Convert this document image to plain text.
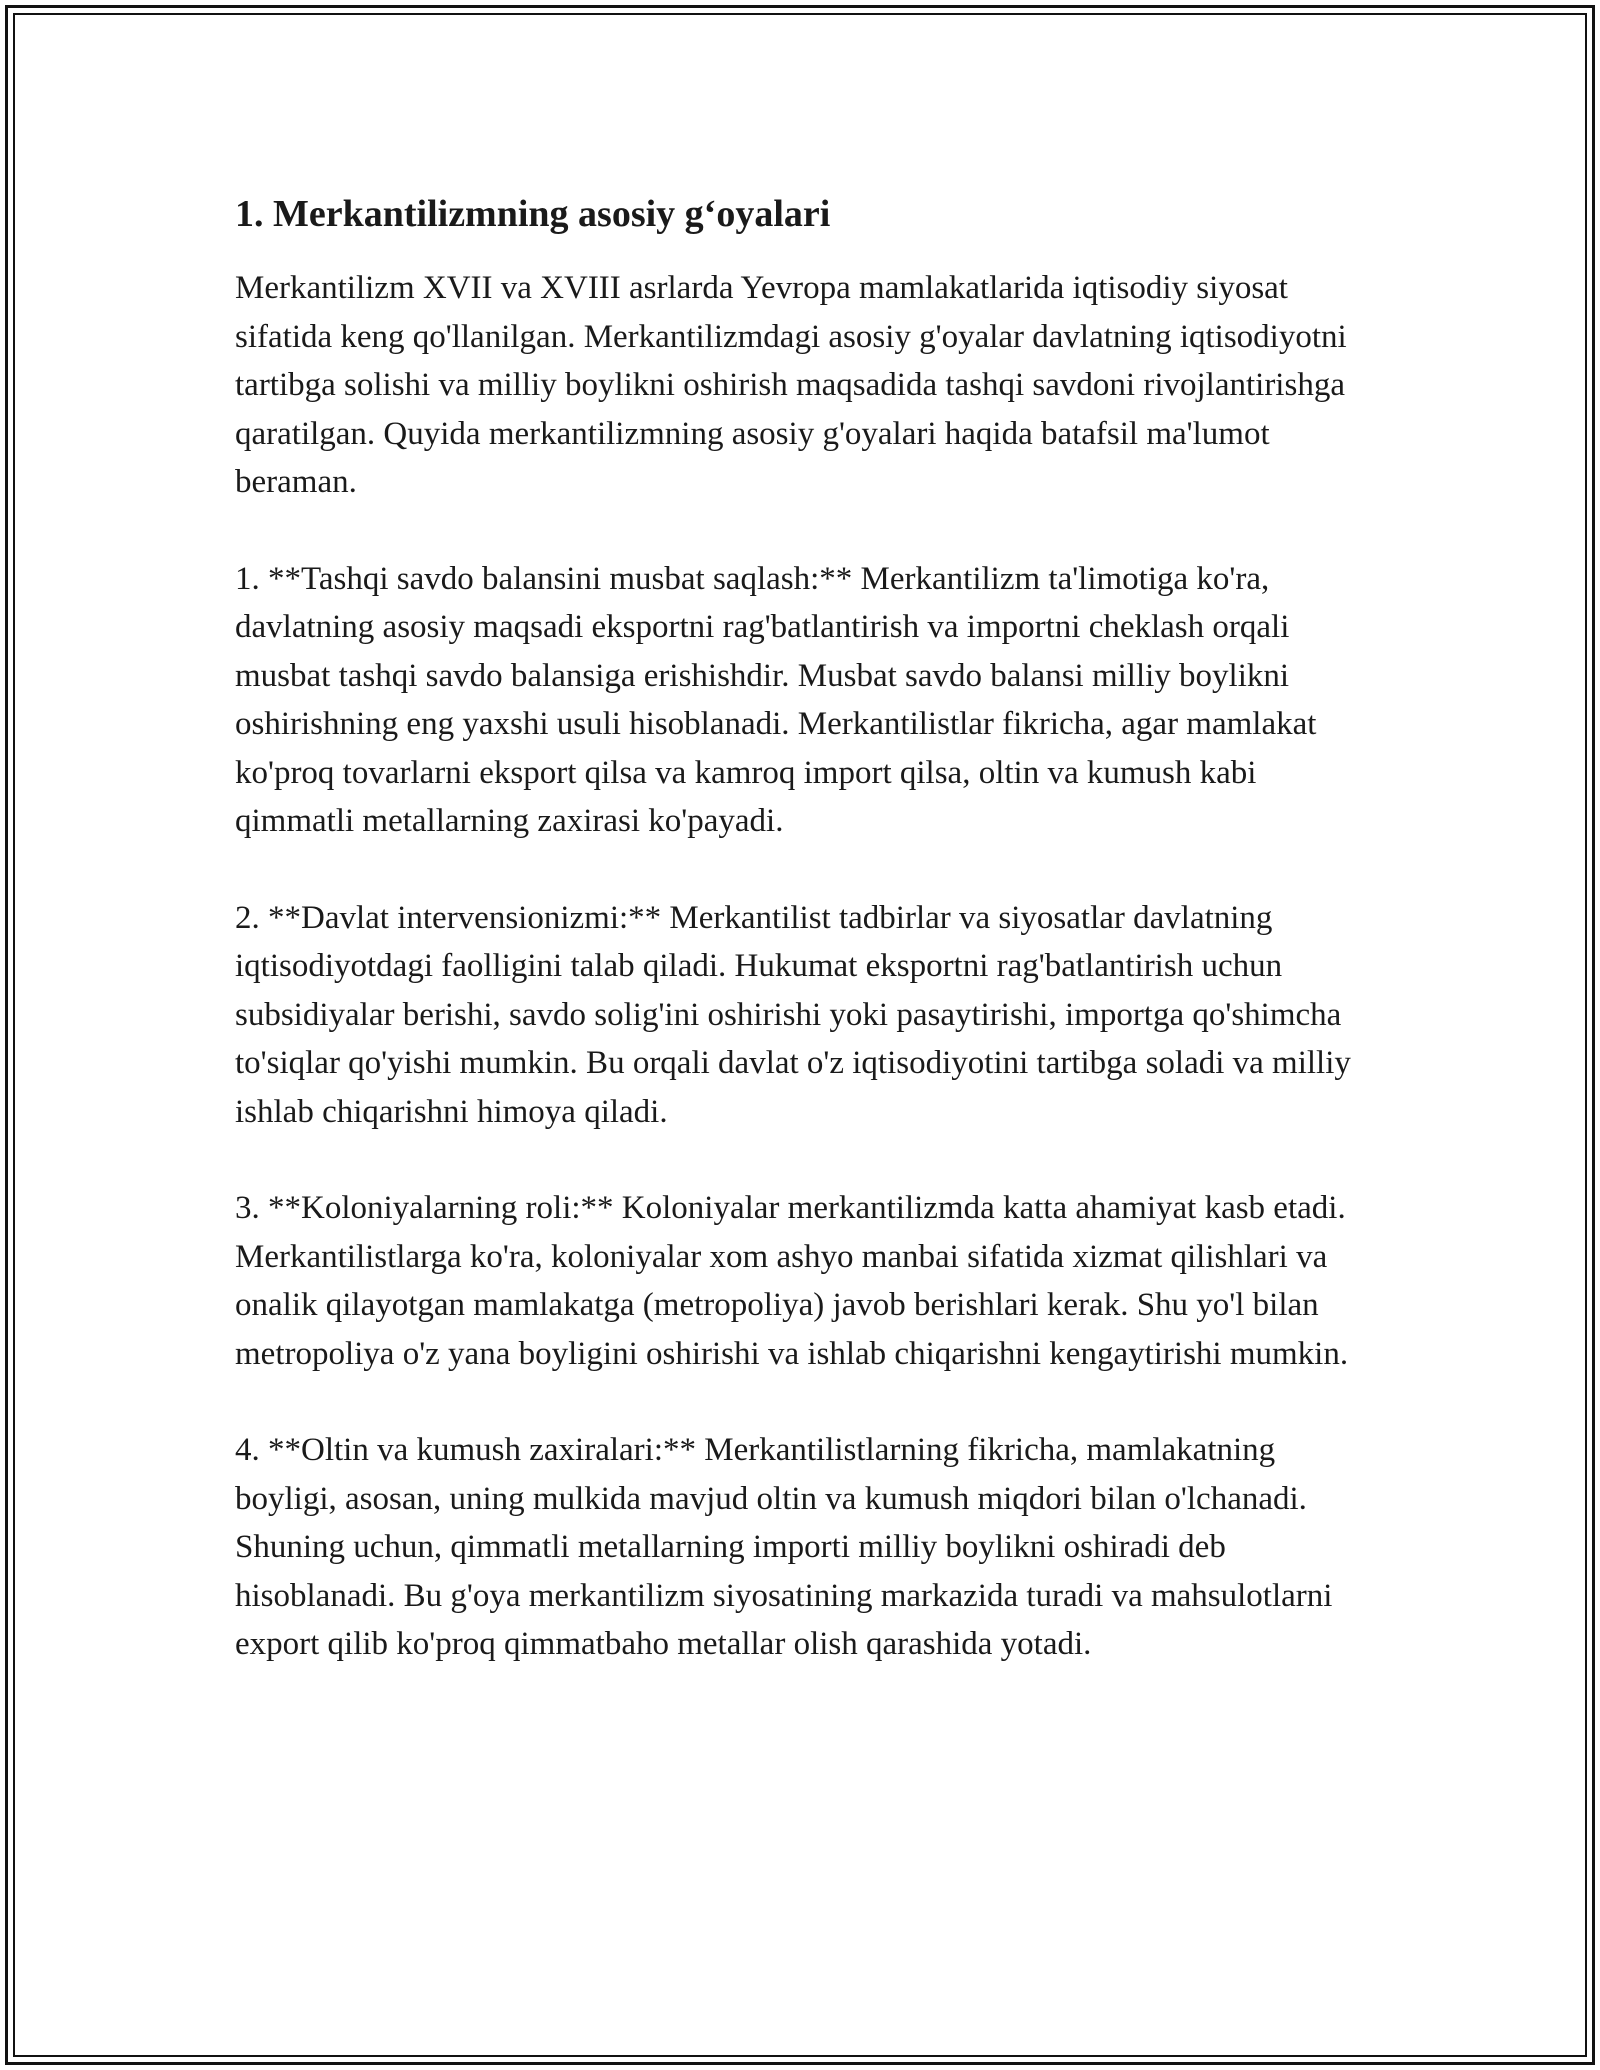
1. Merkantilizmning asosiy g‘oyalari

Merkantilizm XVII va XVIII asrlarda Yevropa mamlakatlarida iqtisodiy siyosat sifatida keng qo'llanilgan. Merkantilizmdagi asosiy g'oyalar davlatning iqtisodiyotni tartibga solishi va milliy boylikni oshirish maqsadida tashqi savdoni rivojlantirishga qaratilgan. Quyida merkantilizmning asosiy g'oyalari haqida batafsil ma'lumot beraman.

1. **Tashqi savdo balansini musbat saqlash:** Merkantilizm ta'limotiga ko'ra, davlatning asosiy maqsadi eksportni rag'batlantirish va importni cheklash orqali musbat tashqi savdo balansiga erishishdir. Musbat savdo balansi milliy boylikni oshirishning eng yaxshi usuli hisoblanadi. Merkantilistlar fikricha, agar mamlakat ko'proq tovarlarni eksport qilsa va kamroq import qilsa, oltin va kumush kabi qimmatli metallarning zaxirasi ko'payadi.

2. **Davlat intervensionizmi:** Merkantilist tadbirlar va siyosatlar davlatning iqtisodiyotdagi faolligini talab qiladi. Hukumat eksportni rag'batlantirish uchun subsidiyalar berishi, savdo solig'ini oshirishi yoki pasaytirishi, importga qo'shimcha to'siqlar qo'yishi mumkin. Bu orqali davlat o'z iqtisodiyotini tartibga soladi va milliy ishlab chiqarishni himoya qiladi.

3. **Koloniyalarning roli:** Koloniyalar merkantilizmda katta ahamiyat kasb etadi. Merkantilistlarga ko'ra, koloniyalar xom ashyo manbai sifatida xizmat qilishlari va onalik qilayotgan mamlakatga (metropoliya) javob berishlari kerak. Shu yo'l bilan metropoliya o'z yana boyligini oshirishi va ishlab chiqarishni kengaytirishi mumkin.

4. **Oltin va kumush zaxiralari:** Merkantilistlarning fikricha, mamlakatning boyligi, asosan, uning mulkida mavjud oltin va kumush miqdori bilan o'lchanadi. Shuning uchun, qimmatli metallarning importi milliy boylikni oshiradi deb hisoblanadi. Bu g'oya merkantilizm siyosatining markazida turadi va mahsulotlarni export qilib ko'proq qimmatbaho metallar olish qarashida yotadi.
